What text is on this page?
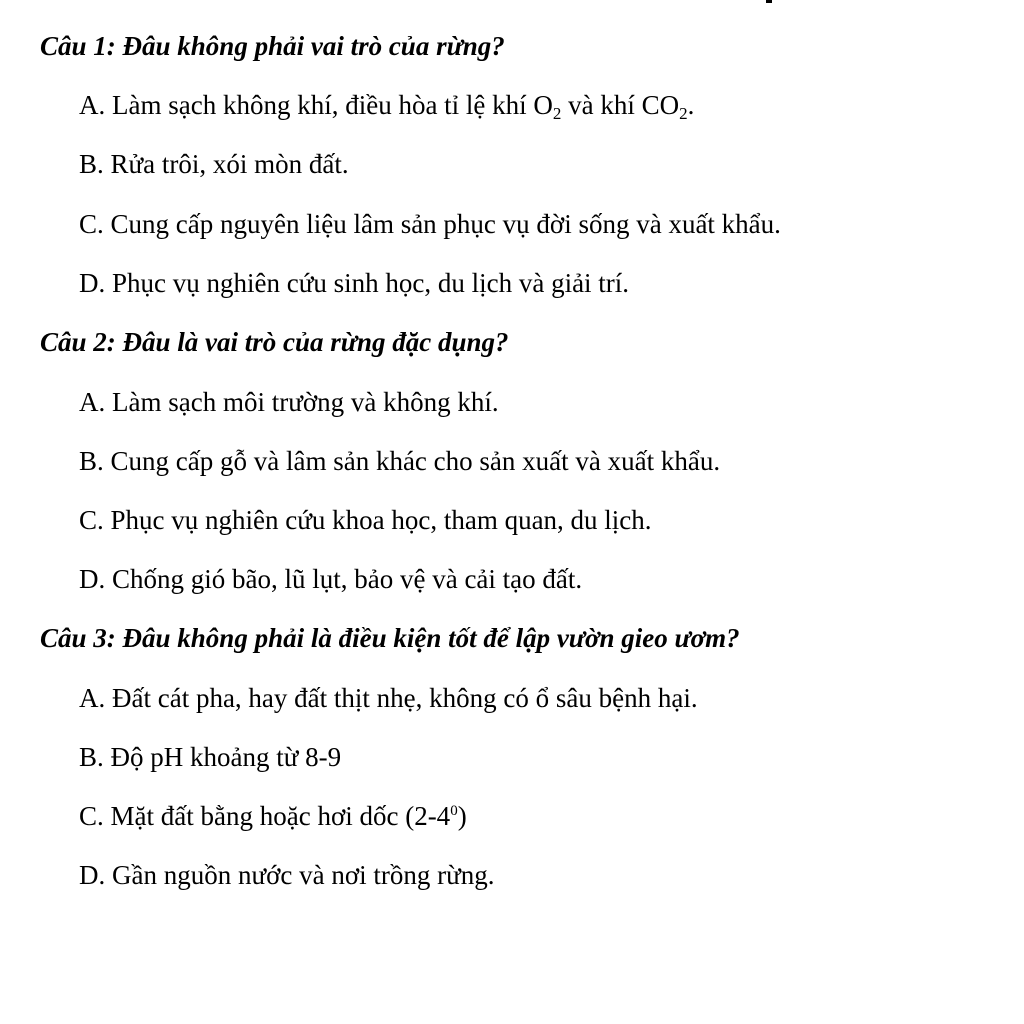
Câu 1: Đâu không phải vai trò của rừng?
A. Làm sạch không khí, điều hòa tỉ lệ khí $O_2$ và khí $CO_2$.
B. Rửa trôi, xói mòn đất.
C. Cung cấp nguyên liệu lâm sản phục vụ đời sống và xuất khẩu.
D. Phục vụ nghiên cứu sinh học, du lịch và giải trí.
Câu 2: Đâu là vai trò của rừng đặc dụng?
A. Làm sạch môi trường và không khí.
B. Cung cấp gỗ và lâm sản khác cho sản xuất và xuất khẩu.
C. Phục vụ nghiên cứu khoa học, tham quan, du lịch.
D. Chống gió bão, lũ lụt, bảo vệ và cải tạo đất.
Câu 3: Đâu không phải là điều kiện tốt để lập vườn gieo ươm?
A. Đất cát pha, hay đất thịt nhẹ, không có ổ sâu bệnh hại.
B. Độ pH khoảng từ 8-9
C. Mặt đất bằng hoặc hơi dốc $(2-4^0)$
D. Gần nguồn nước và nơi trồng rừng.
